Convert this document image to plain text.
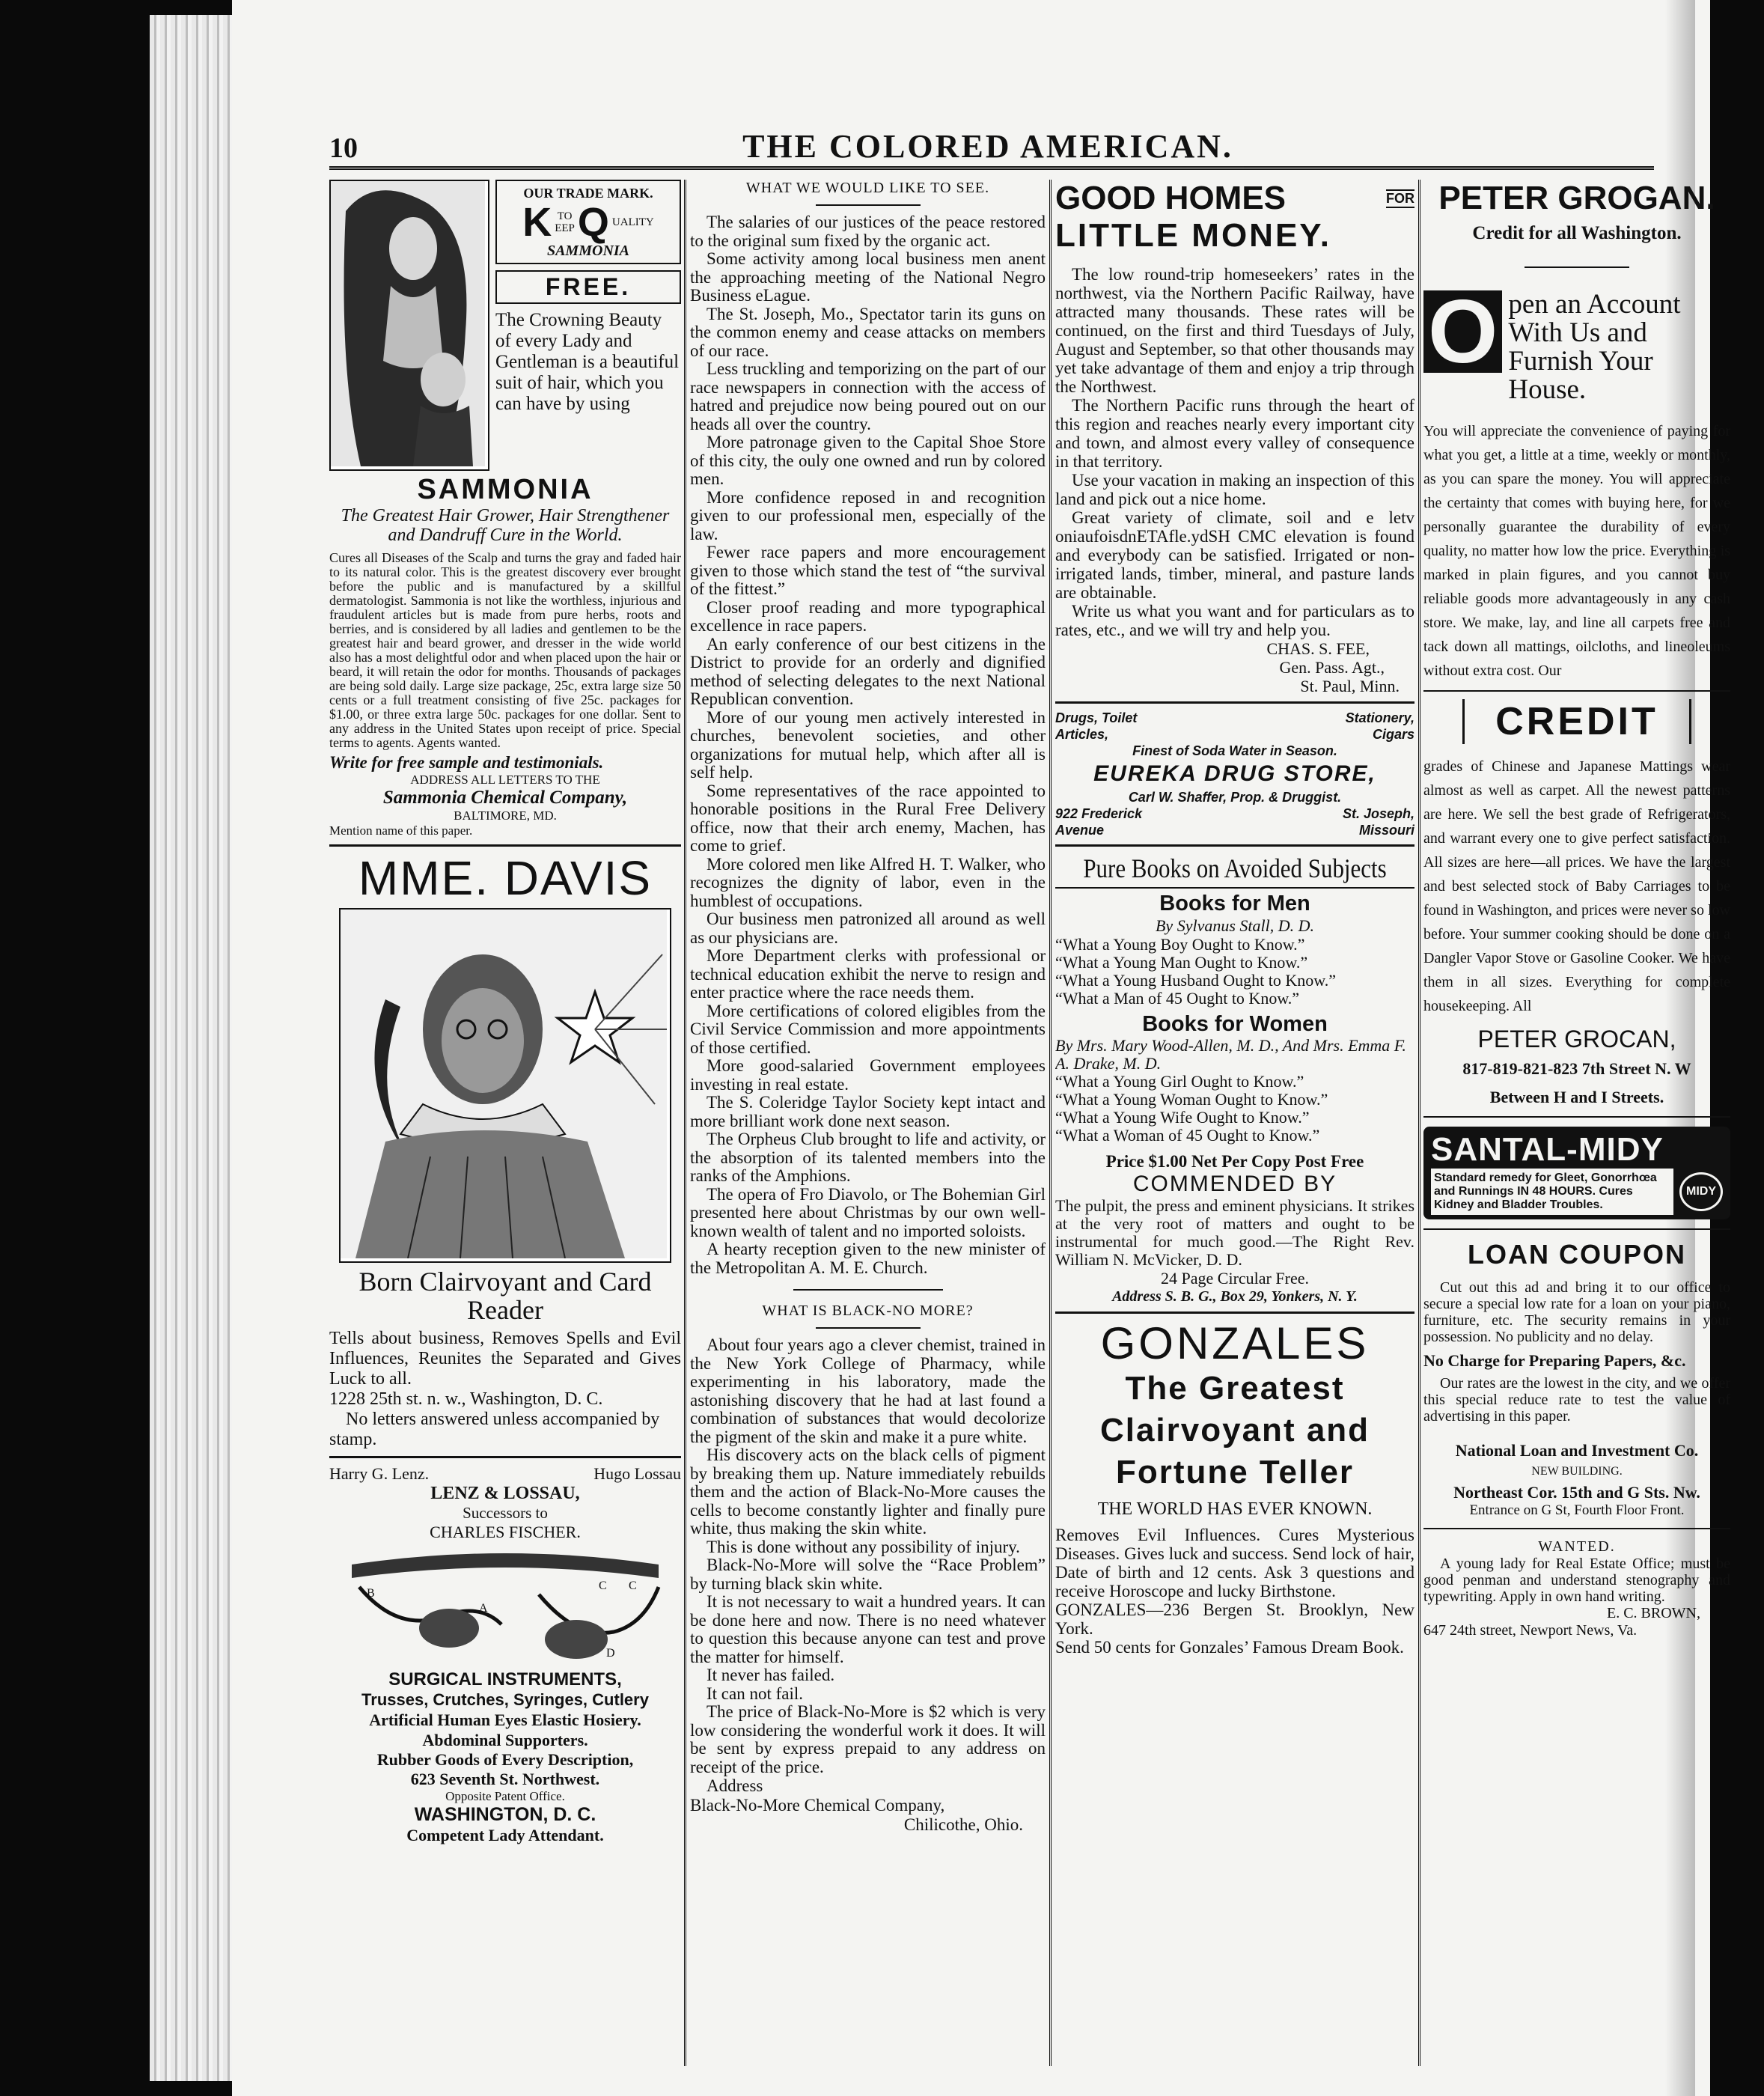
10	THE COLORED AMERICAN.
OUR TRADE MARK.
K TO
EEP Q UALITY
SAMMONIA
FREE.

The Crowning Beauty of every Lady and Gentleman is a beautiful suit of hair, which you can have by using

SAMMONIA
The Greatest Hair Grower, Hair Strengthener and Dandruff Cure in the World.

Cures all Diseases of the Scalp and turns the gray and faded hair to its natural color. This is the greatest discovery ever brought before the public and is manufactured by a skillful dermatologist. Sammonia is not like the worthless, injurious and fraudulent articles but is made from pure herbs, roots and berries, and is considered by all ladies and gentlemen to be the greatest hair and beard grower, and dresser in the wide world also has a most delightful odor and when placed upon the hair or beard, it will retain the odor for months. Thousands of packages are being sold daily. Large size package, 25c, extra large size 50 cents or a full treatment consisting of five 25c. packages for $1.00, or three extra large 50c. packages for one dollar. Sent to any address in the United States upon receipt of price. Special terms to agents. Agents wanted.

Write for free sample and testimonials.
ADDRESS ALL LETTERS TO THE
Sammonia Chemical Company,
BALTIMORE, MD.
Mention name of this paper.
MME. DAVIS
Born Clairvoyant and Card Reader

Tells about business, Removes Spells and Evil Influences, Reunites the Separated and Gives Luck to all.

1228 25th st. n. w., Washington, D. C.

No letters answered unless accompanied by stamp.

Harry G. Lenz.	Hugo Lossau
LENZ & LOSSAU,
Successors to
CHARLES FISCHER.
B
A
C C
D
SURGICAL INSTRUMENTS,
Trusses, Crutches, Syringes, Cutlery
Artificial Human Eyes Elastic Hosiery. Abdominal Supporters.
Rubber Goods of Every Description,
623 Seventh St. Northwest.
Opposite Patent Office.
WASHINGTON, D. C.
Competent Lady Attendant.
WHAT WE WOULD LIKE TO SEE.

The salaries of our justices of the peace restored to the original sum fixed by the organic act.

Some activity among local business men anent the approaching meeting of the National Negro Business eLague.

The St. Joseph, Mo., Spectator tarin its guns on the common enemy and cease attacks on members of our race.

Less truckling and temporizing on the part of our race newspapers in connection with the access of hatred and prejudice now being poured out on our heads all over the country.

More patronage given to the Capital Shoe Store of this city, the ouly one owned and run by colored men.

More confidence reposed in and recognition given to our professional men, especially of the law.

Fewer race papers and more encouragement given to those which stand the test of “the survival of the fittest.”

Closer proof reading and more typographical excellence in race papers.

An early conference of our best citizens in the District to provide for an orderly and dignified method of selecting delegates to the next National Republican convention.

More of our young men actively interested in churches, benevolent societies, and other organizations for mutual help, which after all is self help.

Some representatives of the race appointed to honorable positions in the Rural Free Delivery office, now that their arch enemy, Machen, has come to grief.

More colored men like Alfred H. T. Walker, who recognizes the dignity of labor, even in the humblest of occupations.

Our business men patronized all around as well as our physicians are.

More Department clerks with professional or technical education exhibit the nerve to resign and enter practice where the race needs them.

More certifications of colored eligibles from the Civil Service Commission and more appointments of those certified.

More good-salaried Government employees investing in real estate.

The S. Coleridge Taylor Society kept intact and more brilliant work done next season.

The Orpheus Club brought to life and activity, or the absorption of its talented members into the ranks of the Amphions.

The opera of Fro Diavolo, or The Bohemian Girl presented here about Christmas by our own well-known wealth of talent and no imported soloists.

A hearty reception given to the new minister of the Metropolitan A. M. E. Church.

WHAT IS BLACK-NO MORE?

About four years ago a clever chemist, trained in the New York College of Pharmacy, while experimenting in his laboratory, made the astonishing discovery that he had at last found a combination of substances that would decolorize the pigment of the skin and make it a pure white.

His discovery acts on the black cells of pigment by breaking them up. Nature immediately rebuilds them and the action of Black-No-More causes the cells to become constantly lighter and finally pure white, thus making the skin white.

This is done without any possibility of injury.

Black-No-More will solve the “Race Problem” by turning black skin white.

It is not necessary to wait a hundred years. It can be done here and now. There is no need whatever to question this because anyone can test and prove the matter for himself.

It never has failed.

It can not fail.

The price of Black-No-More is $2 which is very low considering the wonderful work it does. It will be sent by express prepaid to any address on receipt of the price.

Address

Black-No-More Chemical Company,

Chilicothe, Ohio.

GOOD HOMES	FOR
LITTLE MONEY.

The low round-trip homeseekers’ rates in the northwest, via the Northern Pacific Railway, have attracted many thousands. These rates will be continued, on the first and third Tuesdays of July, August and September, so that other thousands may yet take advantage of them and enjoy a trip through the Northwest.

The Northern Pacific runs through the heart of this region and reaches nearly every important city and town, and almost every valley of consequence in that territory.

Use your vacation in making an inspection of this land and pick out a nice home.

Great variety of climate, soil and e letv oniaufoisdnETAfle.ydSH CMC elevation is found and everybody can be satisfied. Irrigated or non-irrigated lands, timber, mineral, and pasture lands are obtainable.

Write us what you want and for particulars as to rates, etc., and we will try and help you.

CHAS. S. FEE,
Gen. Pass. Agt.,
St. Paul, Minn.
Drugs, Toilet	Stationery,
Articles,	Cigars
Finest of Soda Water in Season.
EUREKA DRUG STORE,
Carl W. Shaffer, Prop. & Druggist.
922 Frederick	St. Joseph,
Avenue	Missouri
Pure Books on Avoided Subjects
Books for Men
By Sylvanus Stall, D. D.

“What a Young Boy Ought to Know.”

“What a Young Man Ought to Know.”

“What a Young Husband Ought to Know.”

“What a Man of 45 Ought to Know.”

Books for Women
By Mrs. Mary Wood-Allen, M. D., And Mrs. Emma F. A. Drake, M. D.

“What a Young Girl Ought to Know.”

“What a Young Woman Ought to Know.”

“What a Young Wife Ought to Know.”

“What a Woman of 45 Ought to Know.”

Price $1.00 Net Per Copy Post Free
COMMENDED BY

The pulpit, the press and eminent physicians. It strikes at the very root of matters and ought to be instrumental for much good.—The Right Rev. William N. McVicker, D. D.

24 Page Circular Free.
Address S. B. G., Box 29, Yonkers, N. Y.
GONZALES
The Greatest Clairvoyant and Fortune Teller
THE WORLD HAS EVER KNOWN.

Removes Evil Influences. Cures Mysterious Diseases. Gives luck and success. Send lock of hair, Date of birth and 12 cents. Ask 3 questions and receive Horoscope and lucky Birthstone.

GONZALES—236 Bergen St. Brooklyn, New York.

Send 50 cents for Gonzales’ Famous Dream Book.

PETER GROGAN.
Credit for all Washington.
O pen an Account With Us and Furnish Your House.

You will appreciate the convenience of paying for what you get, a little at a time, weekly or monthly, as you can spare the money. You will appreciate the certainty that comes with buying here, for we personally guarantee the durability of every quality, no matter how low the price. Everything is marked in plain figures, and you cannot buy reliable goods more advantageously in any cash store. We make, lay, and line all carpets free and tack down all mattings, oilcloths, and lineoleums without extra cost. Our

CREDIT

grades of Chinese and Japanese Mattings wear almost as well as carpet. All the newest patterns are here. We sell the best grade of Refrigerators, and warrant every one to give perfect satisfaction. All sizes are here—all prices. We have the largest and best selected stock of Baby Carriages to be found in Washington, and prices were never so low before. Your summer cooking should be done on a Dangler Vapor Stove or Gasoline Cooker. We have them in all sizes. Everything for complete housekeeping. All

PETER GROCAN,
817-819-821-823 7th Street N. W
Between H and I Streets.
SANTAL-MIDY

Standard remedy for Gleet, Gonorrhœa and Runnings IN 48 HOURS. Cures Kidney and Bladder Troubles.

MIDY
LOAN COUPON

Cut out this ad and bring it to our office to secure a special low rate for a loan on your piano, furniture, etc. The security remains in your possession. No publicity and no delay.

No Charge for Preparing Papers, &c.

Our rates are the lowest in the city, and we offer this special reduce rate to test the value of advertising in this paper.

National Loan and Investment Co.
NEW BUILDING.
Northeast Cor. 15th and G Sts. Nw.
Entrance on G St, Fourth Floor Front.
WANTED.

A young lady for Real Estate Office; must be good penman and understand stenography and typewriting. Apply in own hand writing.

E. C. BROWN,
647 24th street, Newport News, Va.
